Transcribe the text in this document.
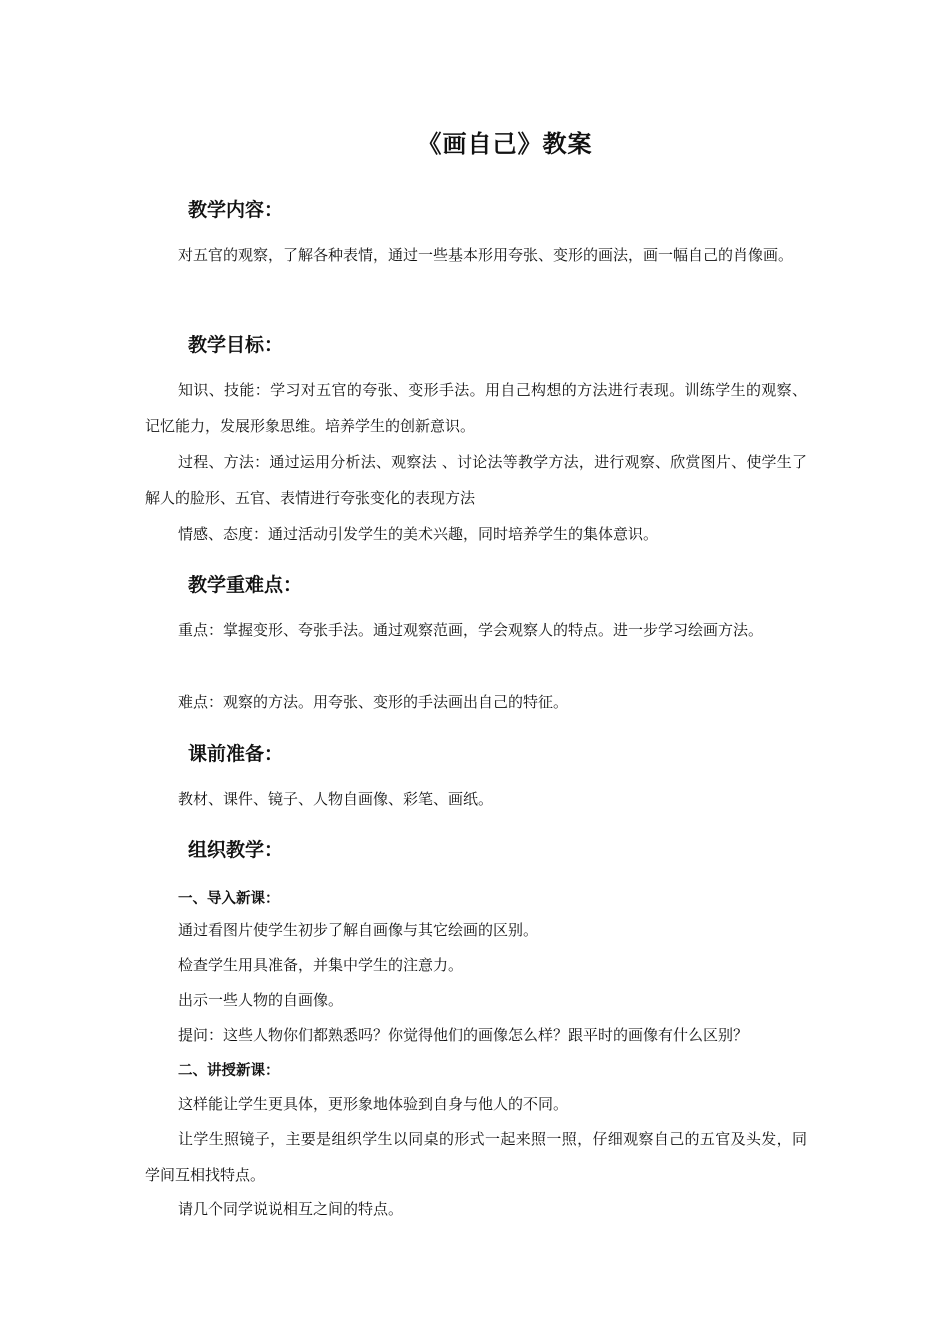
《画自己》教案
教学内容：
对五官的观察，了解各种表情，通过一些基本形用夸张、变形的画法，画一幅自己的肖像画。
教学目标：
知识、技能：学习对五官的夸张、变形手法。用自己构想的方法进行表现。训练学生的观察、记忆能力，发展形象思维。培养学生的创新意识。
过程、方法：通过运用分析法、观察法 、讨论法等教学方法，进行观察、欣赏图片、使学生了解人的脸形、五官、表情进行夸张变化的表现方法
情感、态度：通过活动引发学生的美术兴趣，同时培养学生的集体意识。
教学重难点：
重点：掌握变形、夸张手法。通过观察范画，学会观察人的特点。进一步学习绘画方法。
难点：观察的方法。用夸张、变形的手法画出自己的特征。
课前准备：
教材、课件、镜子、人物自画像、彩笔、画纸。
组织教学：
一、导入新课：
通过看图片使学生初步了解自画像与其它绘画的区别。
检查学生用具准备，并集中学生的注意力。
出示一些人物的自画像。
提问：这些人物你们都熟悉吗？你觉得他们的画像怎么样？跟平时的画像有什么区别？
二、讲授新课：
这样能让学生更具体，更形象地体验到自身与他人的不同。
让学生照镜子，主要是组织学生以同桌的形式一起来照一照，仔细观察自己的五官及头发，同学间互相找特点。
请几个同学说说相互之间的特点。
